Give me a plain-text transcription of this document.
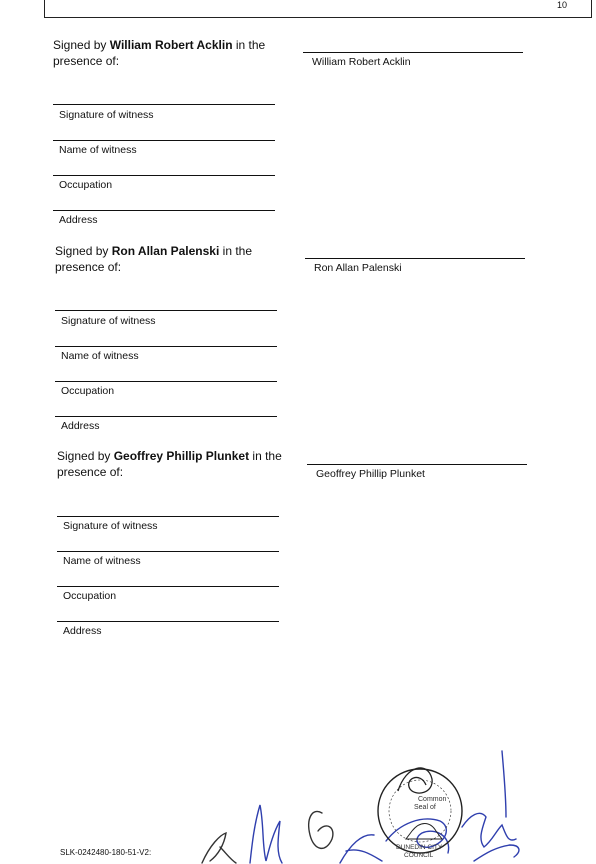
10
Signed by William Robert Acklin in the presence of:	William Robert Acklin
Signature of witness
Name of witness
Occupation
Address
Signed by Ron Allan Palenski in the presence of:	Ron Allan Palenski
Signature of witness
Name of witness
Occupation
Address
Signed by Geoffrey Phillip Plunket in the presence of:	Geoffrey Phillip Plunket
Signature of witness
Name of witness
Occupation
Address
SLK-0242480-180-51-V2:
Common
Seal of
DUNEDIN CITY
COUNCIL
